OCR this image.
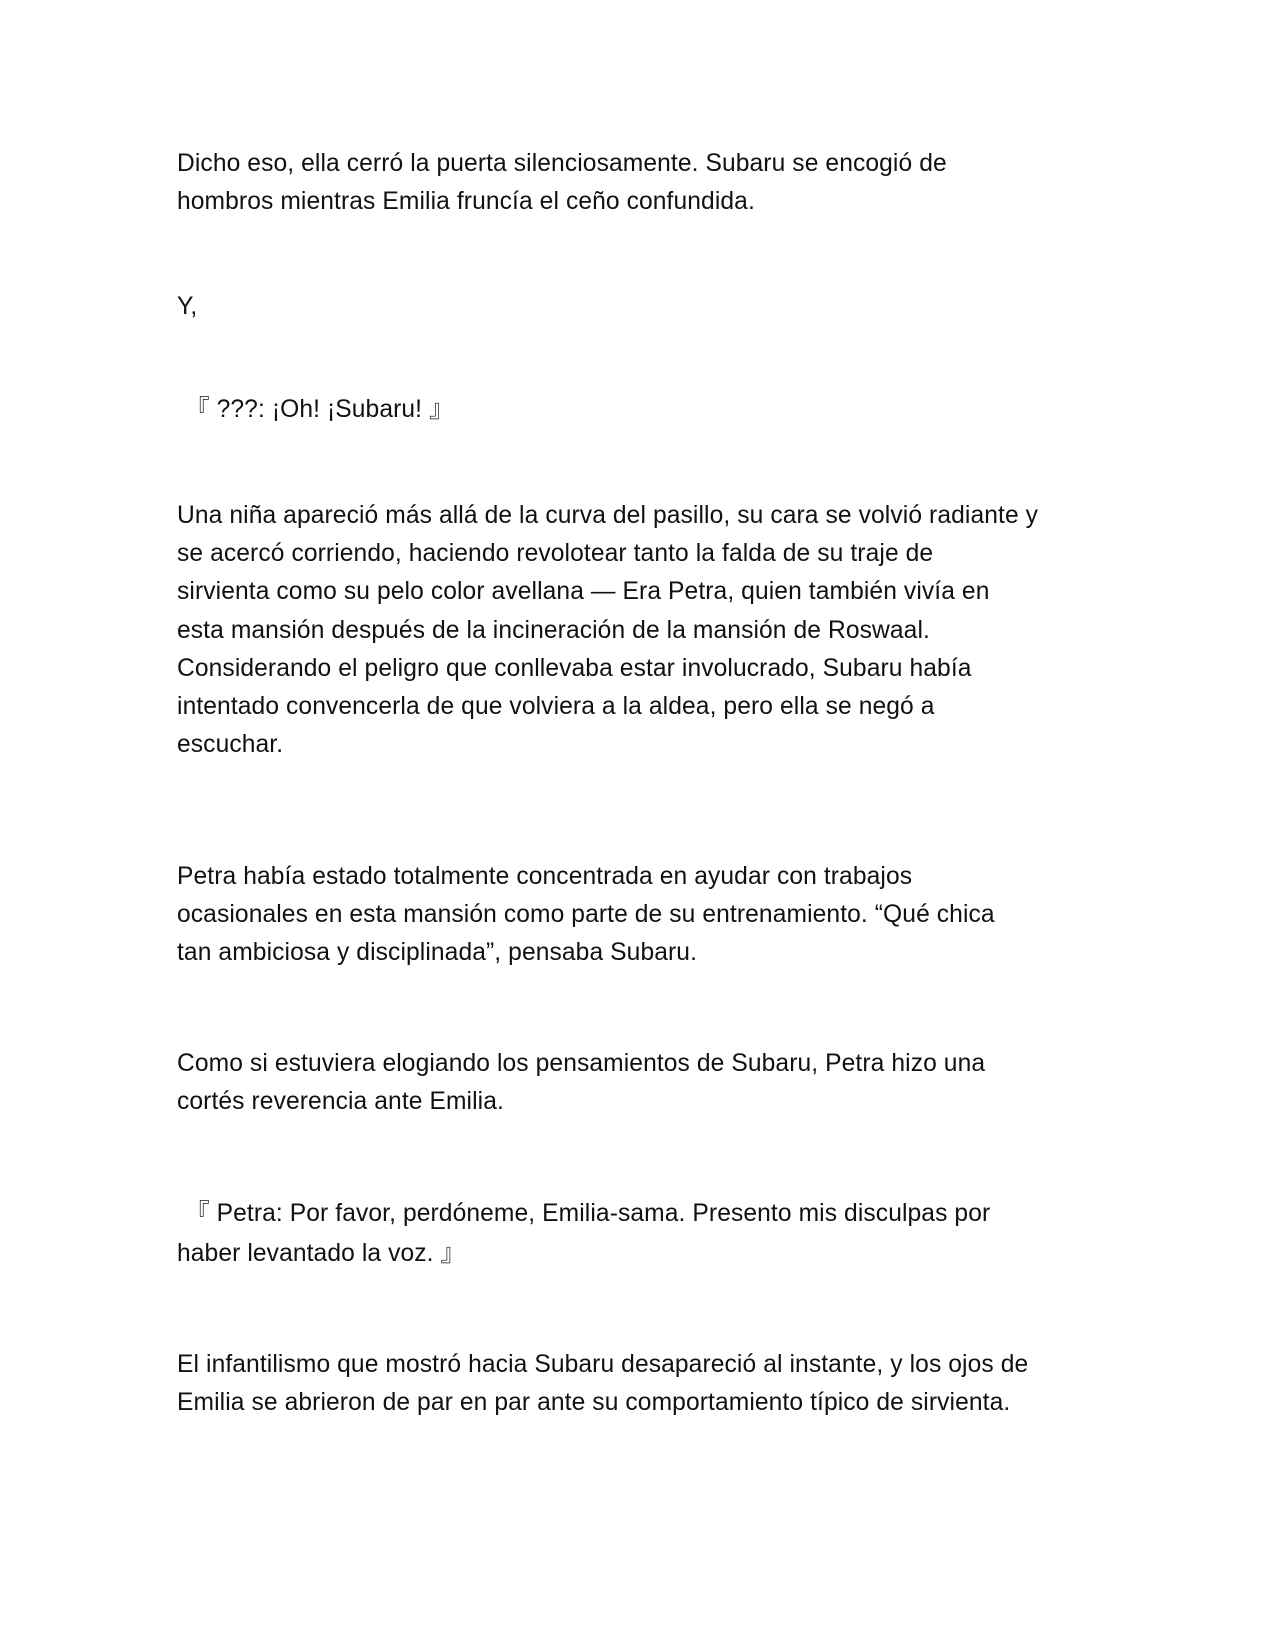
Dicho eso, ella cerró la puerta silenciosamente. Subaru se encogió de
hombros mientras Emilia fruncía el ceño confundida.

Y,

『 ???: ¡Oh! ¡Subaru! 』

Una niña apareció más allá de la curva del pasillo, su cara se volvió radiante y
se acercó corriendo, haciendo revolotear tanto la falda de su traje de
sirvienta como su pelo color avellana — Era Petra, quien también vivía en
esta mansión después de la incineración de la mansión de Roswaal.
Considerando el peligro que conllevaba estar involucrado, Subaru había
intentado convencerla de que volviera a la aldea, pero ella se negó a
escuchar.

Petra había estado totalmente concentrada en ayudar con trabajos
ocasionales en esta mansión como parte de su entrenamiento. “Qué chica
tan ambiciosa y disciplinada”, pensaba Subaru.

Como si estuviera elogiando los pensamientos de Subaru, Petra hizo una
cortés reverencia ante Emilia.

『 Petra: Por favor, perdóneme, Emilia-sama. Presento mis disculpas por
haber levantado la voz. 』

El infantilismo que mostró hacia Subaru desapareció al instante, y los ojos de
Emilia se abrieron de par en par ante su comportamiento típico de sirvienta.
